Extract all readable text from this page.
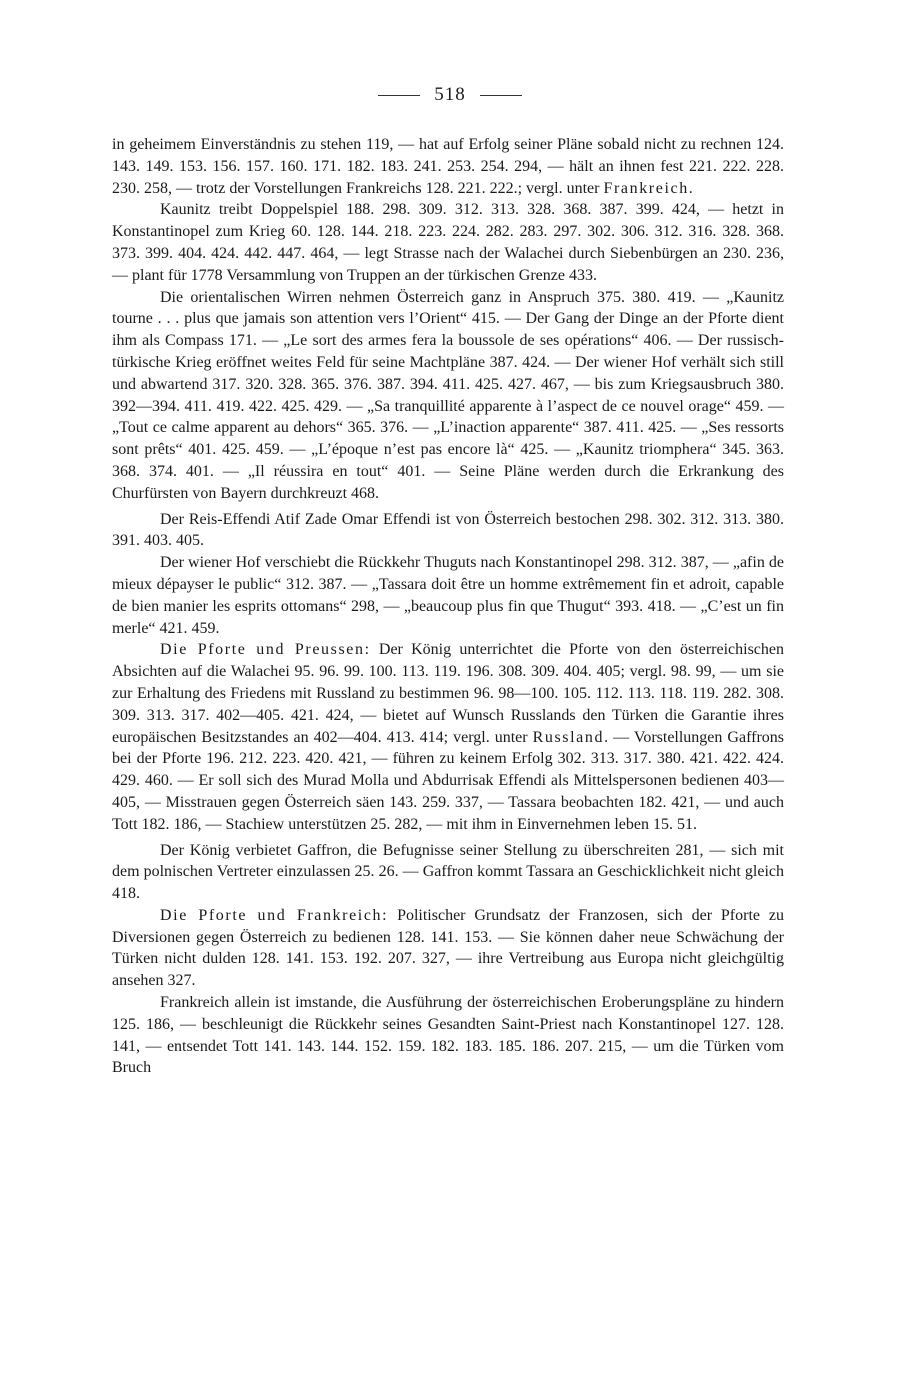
518

in geheimem Einverständnis zu stehen 119, — hat auf Erfolg seiner Pläne sobald nicht zu rechnen 124. 143. 149. 153. 156. 157. 160. 171. 182. 183. 241. 253. 254. 294, — hält an ihnen fest 221. 222. 228. 230. 258, — trotz der Vorstellungen Frankreichs 128. 221. 222.; vergl. unter Frankreich.

Kaunitz treibt Doppelspiel 188. 298. 309. 312. 313. 328. 368. 387. 399. 424, — hetzt in Konstantinopel zum Krieg 60. 128. 144. 218. 223. 224. 282. 283. 297. 302. 306. 312. 316. 328. 368. 373. 399. 404. 424. 442. 447. 464, — legt Strasse nach der Walachei durch Siebenbürgen an 230. 236, — plant für 1778 Versammlung von Truppen an der türkischen Grenze 433.

Die orientalischen Wirren nehmen Österreich ganz in Anspruch 375. 380. 419. — „Kaunitz tourne . . . plus que jamais son attention vers l’Orient“ 415. — Der Gang der Dinge an der Pforte dient ihm als Compass 171. — „Le sort des armes fera la boussole de ses opérations“ 406. — Der russisch-türkische Krieg eröffnet weites Feld für seine Machtpläne 387. 424. — Der wiener Hof verhält sich still und abwartend 317. 320. 328. 365. 376. 387. 394. 411. 425. 427. 467, — bis zum Kriegsausbruch 380. 392—394. 411. 419. 422. 425. 429. — „Sa tranquillité apparente à l’aspect de ce nouvel orage“ 459. — „Tout ce calme apparent au dehors“ 365. 376. — „L’inaction apparente“ 387. 411. 425. — „Ses ressorts sont prêts“ 401. 425. 459. — „L’époque n’est pas encore là“ 425. — „Kaunitz triomphera“ 345. 363. 368. 374. 401. — „Il réussira en tout“ 401. — Seine Pläne werden durch die Erkrankung des Churfürsten von Bayern durchkreuzt 468.

Der Reis-Effendi Atif Zade Omar Effendi ist von Österreich bestochen 298. 302. 312. 313. 380. 391. 403. 405.

Der wiener Hof verschiebt die Rückkehr Thuguts nach Konstantinopel 298. 312. 387, — „afin de mieux dépayser le public“ 312. 387. — „Tassara doit être un homme extrêmement fin et adroit, capable de bien manier les esprits ottomans“ 298, — „beaucoup plus fin que Thugut“ 393. 418. — „C’est un fin merle“ 421. 459.

Die Pforte und Preussen: Der König unterrichtet die Pforte von den österreichischen Absichten auf die Walachei 95. 96. 99. 100. 113. 119. 196. 308. 309. 404. 405; vergl. 98. 99, — um sie zur Erhaltung des Friedens mit Russland zu bestimmen 96. 98—100. 105. 112. 113. 118. 119. 282. 308. 309. 313. 317. 402—405. 421. 424, — bietet auf Wunsch Russlands den Türken die Garantie ihres europäischen Besitzstandes an 402—404. 413. 414; vergl. unter Russland. — Vorstellungen Gaffrons bei der Pforte 196. 212. 223. 420. 421, — führen zu keinem Erfolg 302. 313. 317. 380. 421. 422. 424. 429. 460. — Er soll sich des Murad Molla und Abdurrisak Effendi als Mittelspersonen bedienen 403—405, — Misstrauen gegen Österreich säen 143. 259. 337, — Tassara beobachten 182. 421, — und auch Tott 182. 186, — Stachiew unterstützen 25. 282, — mit ihm in Einvernehmen leben 15. 51.

Der König verbietet Gaffron, die Befugnisse seiner Stellung zu überschreiten 281, — sich mit dem polnischen Vertreter einzulassen 25. 26. — Gaffron kommt Tassara an Geschicklichkeit nicht gleich 418.

Die Pforte und Frankreich: Politischer Grundsatz der Franzosen, sich der Pforte zu Diversionen gegen Österreich zu bedienen 128. 141. 153. — Sie können daher neue Schwächung der Türken nicht dulden 128. 141. 153. 192. 207. 327, — ihre Vertreibung aus Europa nicht gleichgültig ansehen 327.

Frankreich allein ist imstande, die Ausführung der österreichischen Eroberungspläne zu hindern 125. 186, — beschleunigt die Rückkehr seines Gesandten Saint-Priest nach Konstantinopel 127. 128. 141, — entsendet Tott 141. 143. 144. 152. 159. 182. 183. 185. 186. 207. 215, — um die Türken vom Bruch
